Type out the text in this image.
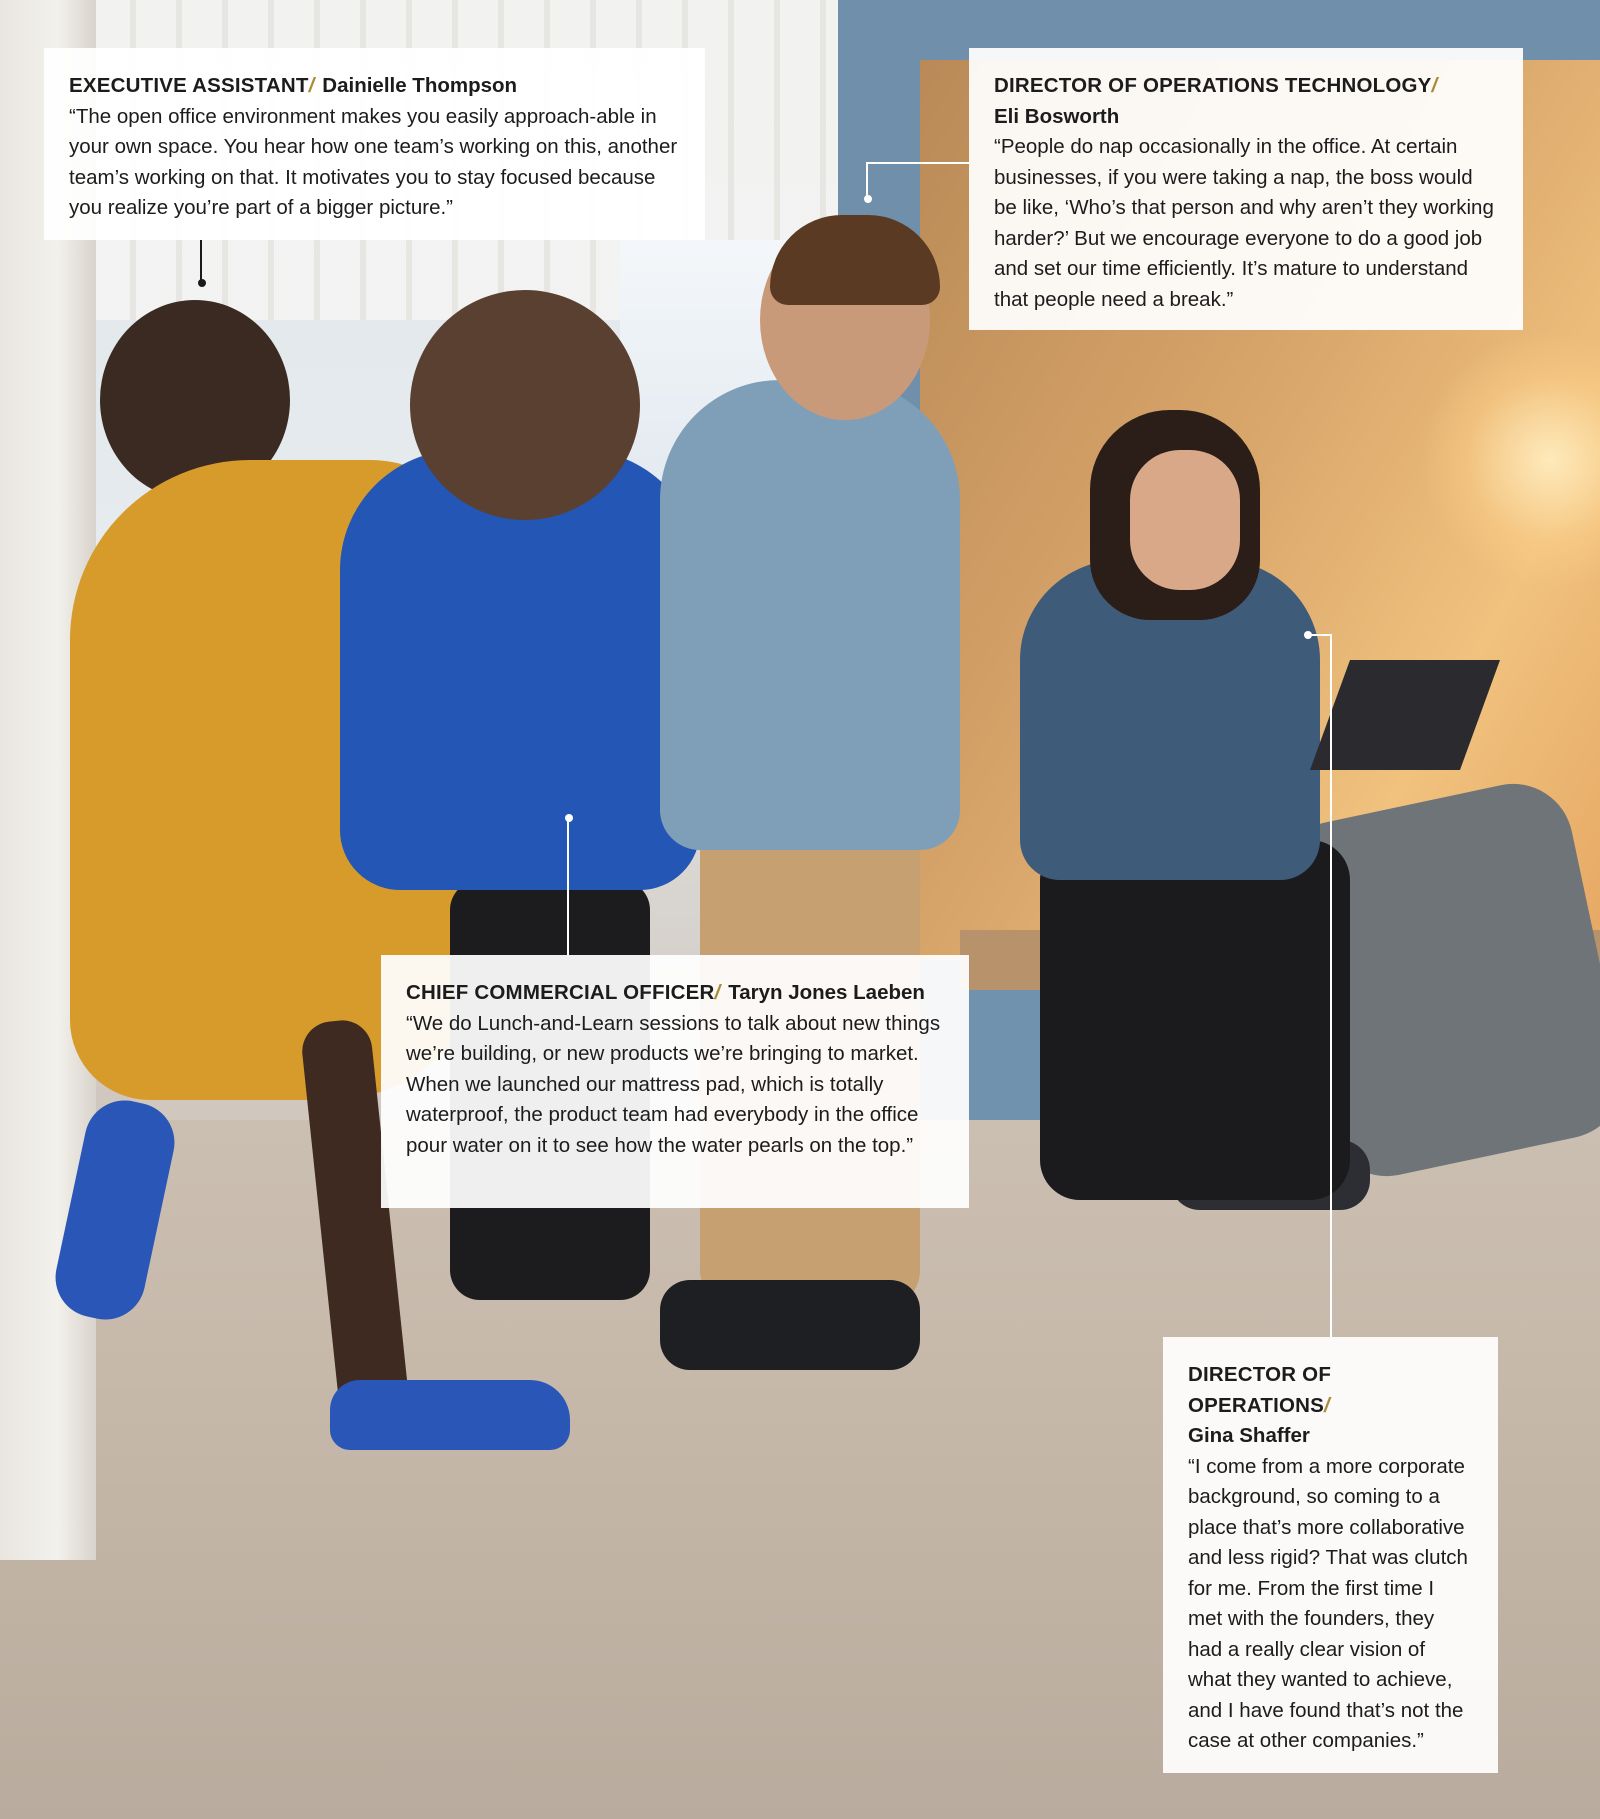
EXECUTIVE ASSISTANT/ Dainielle Thompson
“The open office environment makes you easily approach-able in your own space. You hear how one team’s working on this, another team’s working on that. It motivates you to stay focused because you realize you’re part of a bigger picture.”
DIRECTOR OF OPERATIONS TECHNOLOGY/
Eli Bosworth
“People do nap occasionally in the office. At certain businesses, if you were taking a nap, the boss would be like, ‘Who’s that person and why aren’t they working harder?’ But we encourage everyone to do a good job and set our time efficiently. It’s mature to understand that people need a break.”
CHIEF COMMERCIAL OFFICER/ Taryn Jones Laeben
“We do Lunch-and-Learn sessions to talk about new things we’re building, or new products we’re bringing to market. When we launched our mattress pad, which is totally waterproof, the product team had everybody in the office pour water on it to see how the water pearls on the top.”
DIRECTOR OF OPERATIONS/
Gina Shaffer
“I come from a more corporate background, so coming to a place that’s more collaborative and less rigid? That was clutch for me. From the first time I met with the founders, they had a really clear vision of what they wanted to achieve, and I have found that’s not the case at other companies.”
